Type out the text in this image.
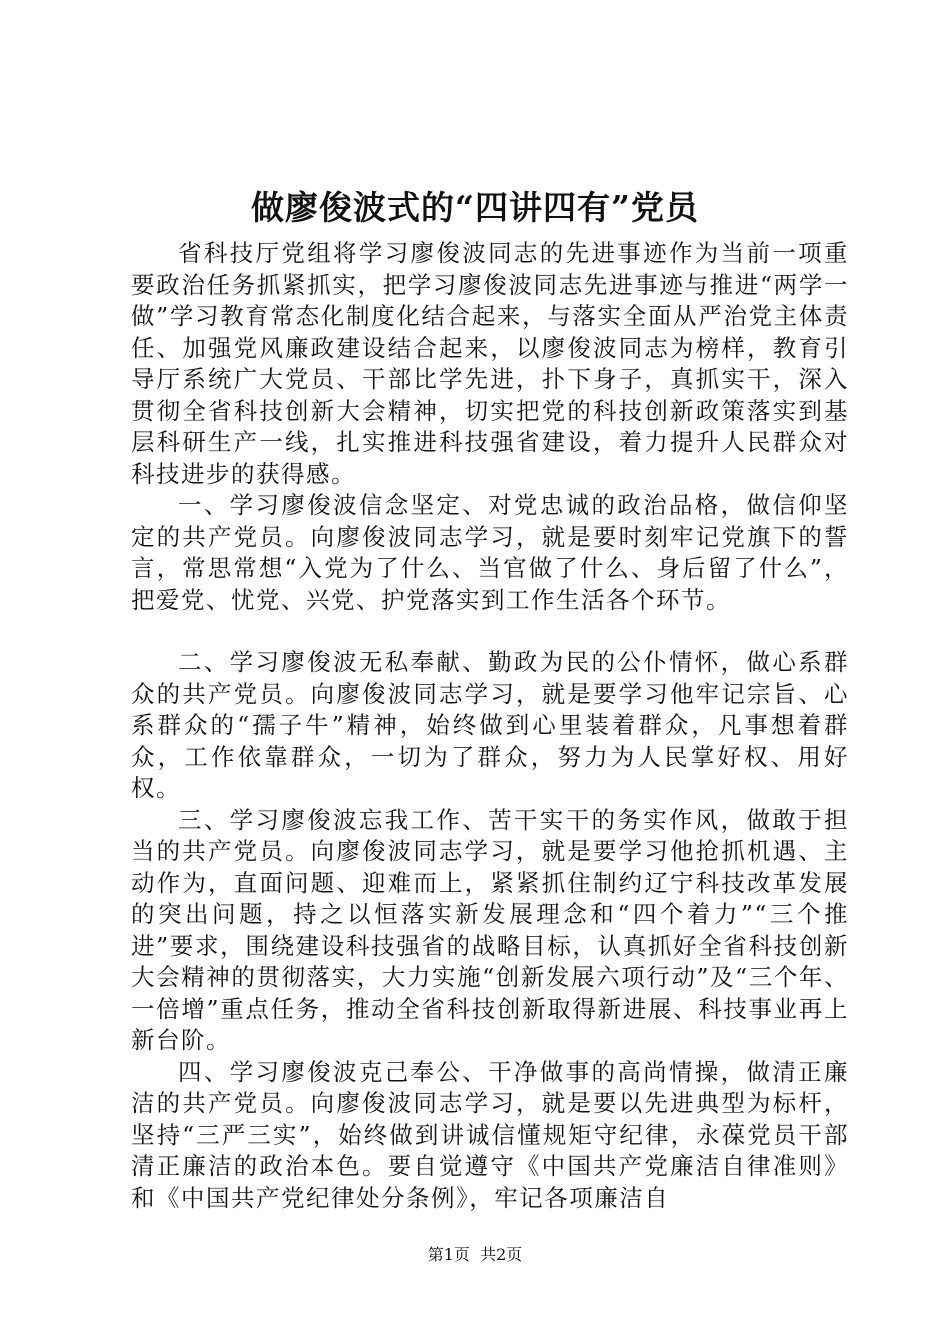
做廖俊波式的“四讲四有”党员

省科技厅党组将学习廖俊波同志的先进事迹作为当前一项重要政治任务抓紧抓实，把学习廖俊波同志先进事迹与推进“两学一做”学习教育常态化制度化结合起来，与落实全面从严治党主体责任、加强党风廉政建设结合起来，以廖俊波同志为榜样，教育引导厅系统广大党员、干部比学先进，扑下身子，真抓实干，深入贯彻全省科技创新大会精神，切实把党的科技创新政策落实到基层科研生产一线，扎实推进科技强省建设，着力提升人民群众对科技进步的获得感。

一、学习廖俊波信念坚定、对党忠诚的政治品格，做信仰坚定的共产党员。向廖俊波同志学习，就是要时刻牢记党旗下的誓言，常思常想“入党为了什么、当官做了什么、身后留了什么”，把爱党、忧党、兴党、护党落实到工作生活各个环节。

二、学习廖俊波无私奉献、勤政为民的公仆情怀，做心系群众的共产党员。向廖俊波同志学习，就是要学习他牢记宗旨、心系群众的“孺子牛”精神，始终做到心里装着群众，凡事想着群众，工作依靠群众，一切为了群众，努力为人民掌好权、用好权。

三、学习廖俊波忘我工作、苦干实干的务实作风，做敢于担当的共产党员。向廖俊波同志学习，就是要学习他抢抓机遇、主动作为，直面问题、迎难而上，紧紧抓住制约辽宁科技改革发展的突出问题，持之以恒落实新发展理念和“四个着力”“三个推进”要求，围绕建设科技强省的战略目标，认真抓好全省科技创新大会精神的贯彻落实，大力实施“创新发展六项行动”及“三个年、一倍增”重点任务，推动全省科技创新取得新进展、科技事业再上新台阶。

四、学习廖俊波克己奉公、干净做事的高尚情操，做清正廉洁的共产党员。向廖俊波同志学习，就是要以先进典型为标杆，坚持“三严三实”，始终做到讲诚信懂规矩守纪律，永葆党员干部清正廉洁的政治本色。要自觉遵守《中国共产党廉洁自律准则》和《中国共产党纪律处分条例》，牢记各项廉洁自

第1页 共2页
